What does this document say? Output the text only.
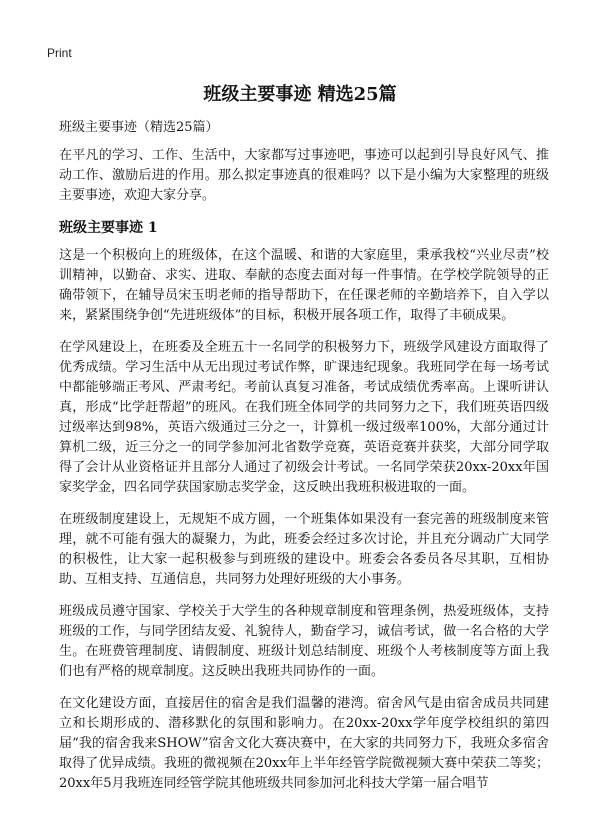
Print
班级主要事迹 精选25篇

班级主要事迹（精选25篇）

在平凡的学习、工作、生活中，大家都写过事迹吧，事迹可以起到引导良好风气、推动工作、激励后进的作用。那么拟定事迹真的很难吗？以下是小编为大家整理的班级主要事迹，欢迎大家分享。

班级主要事迹 1

这是一个积极向上的班级体，在这个温暖、和谐的大家庭里，秉承我校“兴业尽责”校训精神，以勤奋、求实、进取、奉献的态度去面对每一件事情。在学校学院领导的正确带领下，在辅导员宋玉明老师的指导帮助下，在任课老师的辛勤培养下，自入学以来，紧紧围绕争创“先进班级体”的目标，积极开展各项工作，取得了丰硕成果。

在学风建设上，在班委及全班五十一名同学的积极努力下，班级学风建设方面取得了优秀成绩。学习生活中从无出现过考试作弊，旷课违纪现象。我班同学在每一场考试中都能够端正考风、严肃考纪。考前认真复习准备，考试成绩优秀率高。上课听讲认真，形成“比学赶帮超”的班风。在我们班全体同学的共同努力之下，我们班英语四级过级率达到98%，英语六级通过三分之一，计算机一级过级率100%，大部分通过计算机二级，近三分之一的同学参加河北省数学竞赛，英语竞赛并获奖，大部分同学取得了会计从业资格证并且部分人通过了初级会计考试。一名同学荣获20xx-20xx年国家奖学金，四名同学获国家励志奖学金，这反映出我班积极进取的一面。

在班级制度建设上，无规矩不成方圆，一个班集体如果没有一套完善的班级制度来管理，就不可能有强大的凝聚力，为此，班委会经过多次讨论，并且充分调动广大同学的积极性，让大家一起积极参与到班级的建设中。班委会各委员各尽其职，互相协助、互相支持、互通信息，共同努力处理好班级的大小事务。

班级成员遵守国家、学校关于大学生的各种规章制度和管理条例，热爱班级体，支持班级的工作，与同学团结友爱、礼貌待人，勤奋学习，诚信考试，做一名合格的大学生。在班费管理制度、请假制度、班级计划总结制度、班级个人考核制度等方面上我们也有严格的规章制度。这反映出我班共同协作的一面。

在文化建设方面，直接居住的宿舍是我们温馨的港湾。宿舍风气是由宿舍成员共同建立和长期形成的、潜移默化的氛围和影响力。在20xx-20xx学年度学校组织的第四届“我的宿舍我来SHOW”宿舍文化大赛决赛中，在大家的共同努力下，我班众多宿舍取得了优异成绩。我班的微视频在20xx年上半年经管学院微视频大赛中荣获二等奖；20xx年5月我班连同经管学院其他班级共同参加河北科技大学第一届合唱节
